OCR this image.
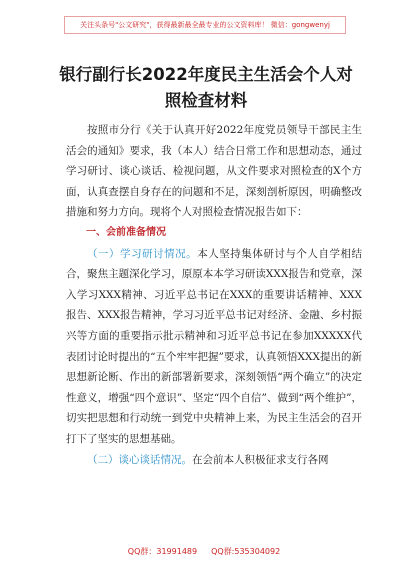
关注头条号"公文研究"，获得最新最全最专业的公文资料库！ 微信：gongwenyj
银行副行长2022年度民主生活会个人对照检查材料

按照市分行《关于认真开好2022年度党员领导干部民主生活会的通知》要求，我（本人）结合日常工作和思想动态，通过学习研讨、谈心谈话、检视问题，从文件要求对照检查的X个方面，认真查摆自身存在的问题和不足，深刻剖析原因，明确整改措施和努力方向。现将个人对照检查情况报告如下：

一、会前准备情况

（一）学习研讨情况。本人坚持集体研讨与个人自学相结合，聚焦主题深化学习，原原本本学习研读XXX报告和党章，深入学习XXX精神、习近平总书记在XXX的重要讲话精神、XXX报告、XXX报告精神，学习习近平总书记对经济、金融、乡村振兴等方面的重要指示批示精神和习近平总书记在参加XXXXX代表团讨论时提出的“五个牢牢把握”要求，认真领悟XXX提出的新思想新论断、作出的新部署新要求，深刻领悟“两个确立”的决定性意义，增强“四个意识”、坚定“四个自信”、做到“两个维护”，切实把思想和行动统一到党中央精神上来，为民主生活会的召开打下了坚实的思想基础。

（二）谈心谈话情况。在会前本人积极征求支行各网

QQ群：31991489 QQ群:535304092
